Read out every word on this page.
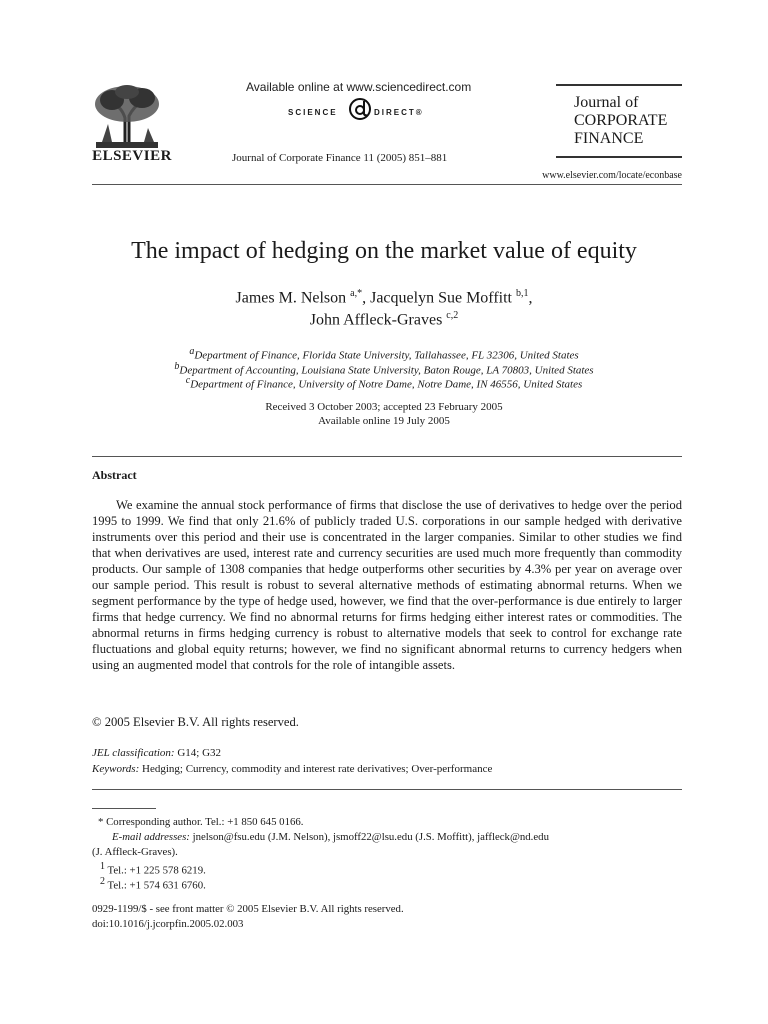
ELSEVIER
Available online at www.sciencedirect.com
SCIENCE	DIRECT®
Journal of Corporate Finance 11 (2005) 851–881
Journal of
CORPORATE
FINANCE
www.elsevier.com/locate/econbase
The impact of hedging on the market value of equity
James M. Nelson $^{a,*}$, Jacquelyn Sue Moffitt $^{b,1}$,
John Affleck-Graves $^{c,2}$
$^a$Department of Finance, Florida State University, Tallahassee, FL 32306, United States
$^b$Department of Accounting, Louisiana State University, Baton Rouge, LA 70803, United States
$^c$Department of Finance, University of Notre Dame, Notre Dame, IN 46556, United States
Received 3 October 2003; accepted 23 February 2005
Available online 19 July 2005
Abstract
We examine the annual stock performance of firms that disclose the use of derivatives to hedge over the period 1995 to 1999. We find that only 21.6% of publicly traded U.S. corporations in our sample hedged with derivative instruments over this period and their use is concentrated in the larger companies. Similar to other studies we find that when derivatives are used, interest rate and currency securities are used much more frequently than commodity products. Our sample of 1308 companies that hedge outperforms other securities by 4.3% per year on average over our sample period. This result is robust to several alternative methods of estimating abnormal returns. When we segment performance by the type of hedge used, however, we find that the over-performance is due entirely to larger firms that hedge currency. We find no abnormal returns for firms hedging either interest rates or commodities. The abnormal returns in firms hedging currency is robust to alternative models that seek to control for exchange rate fluctuations and global equity returns; however, we find no significant abnormal returns to currency hedgers when using an augmented model that controls for the role of intangible assets.
© 2005 Elsevier B.V. All rights reserved.
JEL classification: G14; G32
Keywords: Hedging; Currency, commodity and interest rate derivatives; Over-performance
* Corresponding author. Tel.: +1 850 645 0166.
E-mail addresses: jnelson@fsu.edu (J.M. Nelson), jsmoff22@lsu.edu (J.S. Moffitt), jaffleck@nd.edu
(J. Affleck-Graves).
$^1$ Tel.: +1 225 578 6219.
$^2$ Tel.: +1 574 631 6760.
0929-1199/$ - see front matter © 2005 Elsevier B.V. All rights reserved.
doi:10.1016/j.jcorpfin.2005.02.003
